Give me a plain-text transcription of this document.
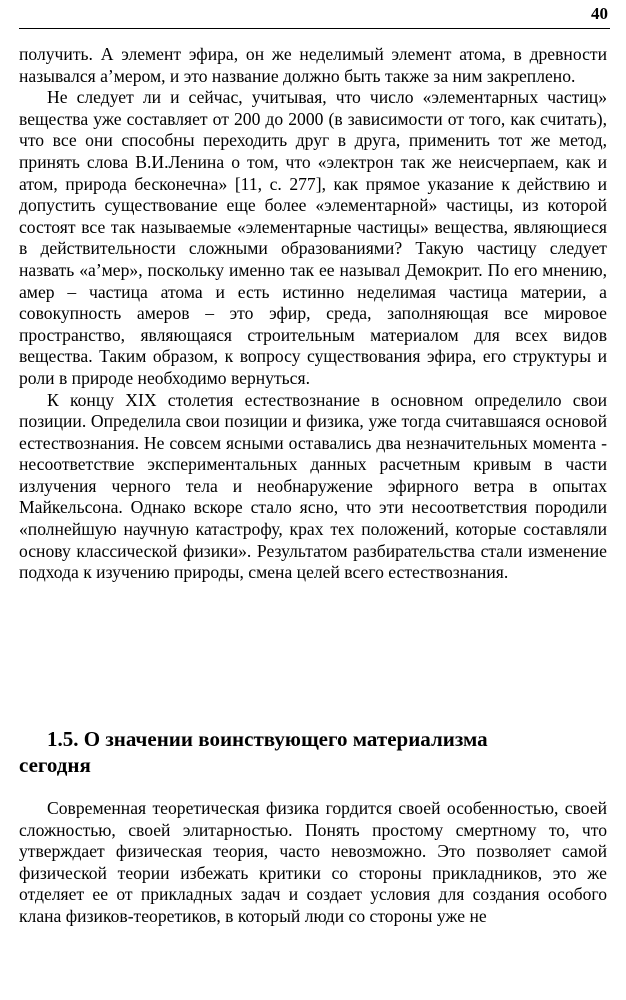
40

получить. А элемент эфира, он же неделимый элемент атома, в древности назывался а’мером, и это название должно быть также за ним закреплено.

Не следует ли и сейчас, учитывая, что число «элементарных частиц» вещества уже составляет от 200 до 2000 (в зависимости от того, как считать), что все они способны переходить друг в друга, применить тот же метод, принять слова В.И.Ленина о том, что «электрон так же неисчерпаем, как и атом, природа бесконечна» [11, с. 277], как прямое указание к действию и допустить существование еще более «элементарной» частицы, из которой состоят все так называемые «элементарные частицы» вещества, являющиеся в действительности сложными образованиями? Такую частицу следует назвать «а’мер», поскольку именно так ее называл Демокрит. По его мнению, амер – частица атома и есть истинно неделимая частица материи, а совокупность амеров – это эфир, среда, заполняющая все мировое пространство, являющаяся строительным материалом для всех видов вещества. Таким образом, к вопросу существования эфира, его структуры и роли в природе необходимо вернуться.

К концу XIX столетия естествознание в основном определило свои позиции. Определила свои позиции и физика, уже тогда считавшаяся основой естествознания. Не совсем ясными оставались два незначительных момента - несоответствие экспериментальных данных расчетным кривым в части излучения черного тела и необнаружение эфирного ветра в опытах Майкельсона. Однако вскоре стало ясно, что эти несоответствия породили «полнейшую научную катастрофу, крах тех положений, которые составляли основу классической физики». Результатом разбирательства стали изменение подхода к изучению природы, смена целей всего естествознания.

1.5. О значении воинствующего материализма
сегодня

Современная теоретическая физика гордится своей особенностью, своей сложностью, своей элитарностью. Понять простому смертному то, что утверждает физическая теория, часто невозможно. Это позволяет самой физической теории избежать критики со стороны прикладников, это же отделяет ее от прикладных задач и создает условия для создания особого клана физиков-теоретиков, в который люди со стороны уже не
